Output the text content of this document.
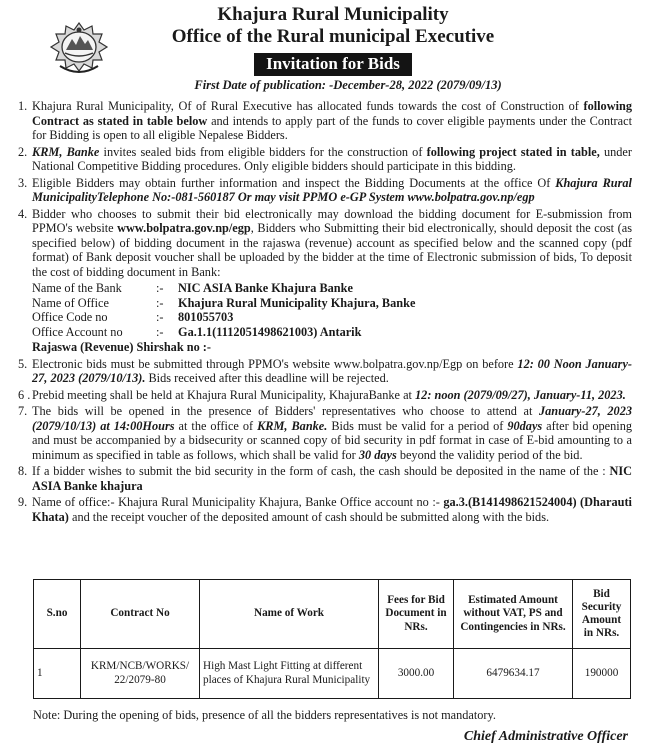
Khajura Rural Municipality
Office of the Rural municipal Executive
Invitation for Bids
First Date of publication: -December-28, 2022 (2079/09/13)
1. Khajura Rural Municipality, Of of Rural Executive has allocated funds towards the cost of Construction of following Contract as stated in table below and intends to apply part of the funds to cover eligible payments under the Contract for Bidding is open to all eligible Nepalese Bidders.
2. KRM, Banke invites sealed bids from eligible bidders for the construction of following project stated in table, under National Competitive Bidding procedures. Only eligible bidders should participate in this bidding.
3. Eligible Bidders may obtain further information and inspect the Bidding Documents at the office Of Khajura Rural MunicipalityTelephone No:-081-560187 Or may visit PPMO e-GP System www.bolpatra.gov.np/egp
4. Bidder who chooses to submit their bid electronically may download the bidding document for E-submission from PPMO's website www.bolpatra.gov.np/egp, Bidders who Submitting their bid electronically, should deposit the cost (as specified below) of bidding document in the rajaswa (revenue) account as specified below and the scanned copy (pdf format) of Bank deposit voucher shall be uploaded by the bidder at the time of Electronic submission of bids, To deposit the cost of bidding document in Bank:
Name of the Bank	:-	NIC ASIA Banke Khajura Banke
Name of Office	:-	Khajura Rural Municipality Khajura, Banke
Office Code no	:-	801055703
Office Account no	:-	Ga.1.1(1112051498621003) Antarik
Rajaswa (Revenue) Shirshak no :-
5. Electronic bids must be submitted through PPMO's website www.bolpatra.gov.np/Egp on before 12: 00 Noon January-27, 2023 (2079/10/13). Bids received after this deadline will be rejected.
6 . Prebid meeting shall be held at Khajura Rural Municipality, KhajuraBanke at 12: noon (2079/09/27), January-11, 2023.
7. The bids will be opened in the presence of Bidders' representatives who choose to attend at January-27, 2023 (2079/10/13) at 14:00Hours at the office of KRM, Banke. Bids must be valid for a period of 90days after bid opening and must be accompanied by a bidsecurity or scanned copy of bid security in pdf format in case of E-bid amounting to a minimum as specified in table as follows, which shall be valid for 30 days beyond the validity period of the bid.
8. If a bidder wishes to submit the bid security in the form of cash, the cash should be deposited in the name of the : NIC ASIA Banke khajura
9. Name of office:- Khajura Rural Municipality Khajura, Banke Office account no :- ga.3.(B141498621524004) (Dharauti Khata) and the receipt voucher of the deposited amount of cash should be submitted along with the bids.
S.no	Contract No	Name of Work	Fees for Bid Document in NRs.	Estimated Amount without VAT, PS and Contingencies in NRs.	Bid Security Amount in NRs.
1	KRM/NCB/WORKS/ 22/2079-80	High Mast Light Fitting at different places of Khajura Rural Municipality	3000.00	6479634.17	190000
Note: During the opening of bids, presence of all the bidders representatives is not mandatory.
Chief Administrative Officer
